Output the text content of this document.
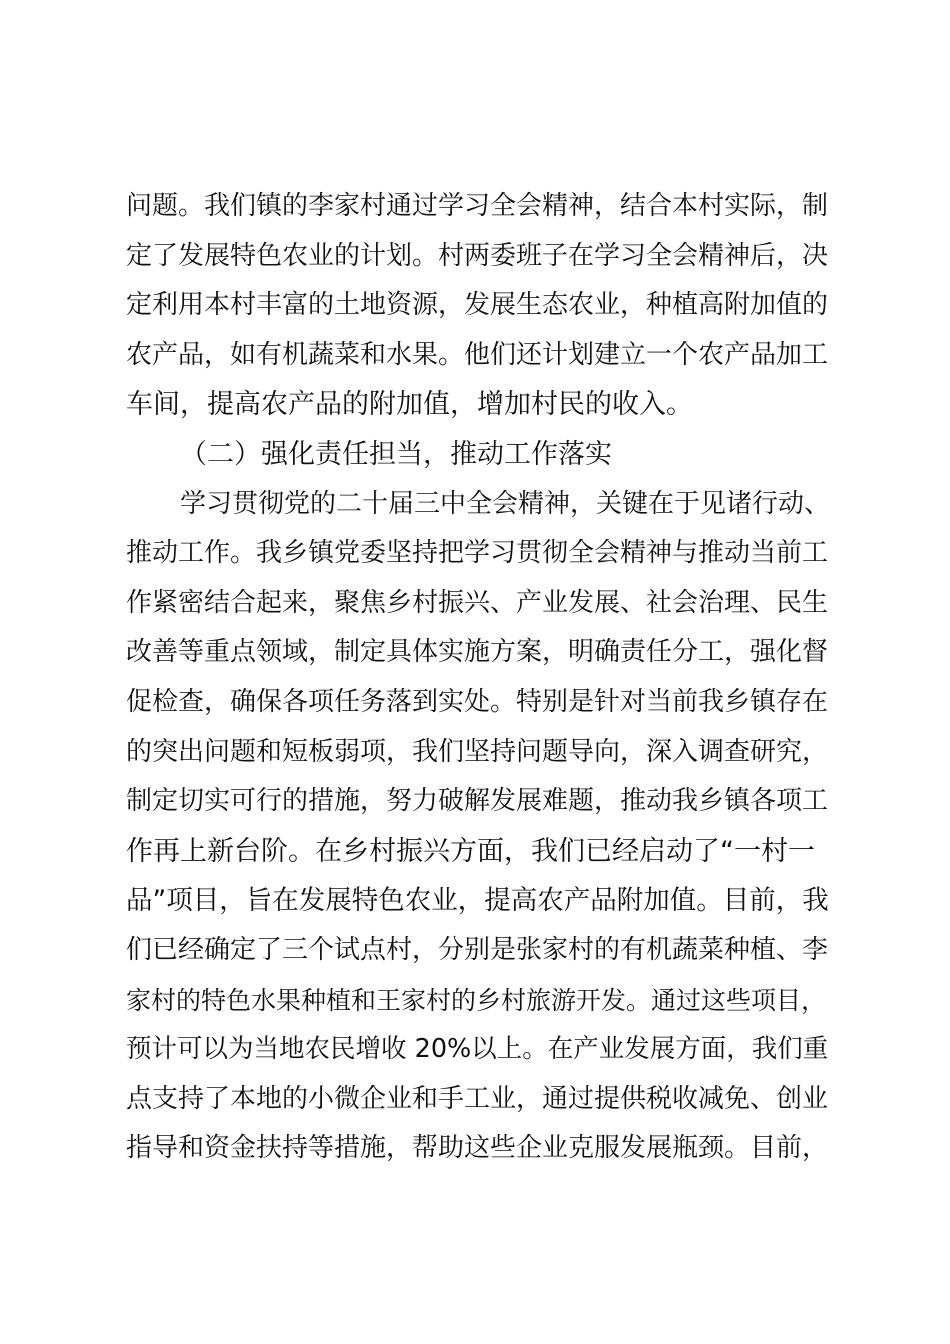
问题。我们镇的李家村通过学习全会精神，结合本村实际，制
定了发展特色农业的计划。村两委班子在学习全会精神后，决
定利用本村丰富的土地资源，发展生态农业，种植高附加值的
农产品，如有机蔬菜和水果。他们还计划建立一个农产品加工
车间，提高农产品的附加值，增加村民的收入。
（二）强化责任担当，推动工作落实
学习贯彻党的二十届三中全会精神，关键在于见诸行动、
推动工作。我乡镇党委坚持把学习贯彻全会精神与推动当前工
作紧密结合起来，聚焦乡村振兴、产业发展、社会治理、民生
改善等重点领域，制定具体实施方案，明确责任分工，强化督
促检查，确保各项任务落到实处。特别是针对当前我乡镇存在
的突出问题和短板弱项，我们坚持问题导向，深入调查研究，
制定切实可行的措施，努力破解发展难题，推动我乡镇各项工
作再上新台阶。在乡村振兴方面，我们已经启动了“一村一
品”项目，旨在发展特色农业，提高农产品附加值。目前，我
们已经确定了三个试点村，分别是张家村的有机蔬菜种植、李
家村的特色水果种植和王家村的乡村旅游开发。通过这些项目，
预计可以为当地农民增收 20%以上。在产业发展方面，我们重
点支持了本地的小微企业和手工业，通过提供税收减免、创业
指导和资金扶持等措施，帮助这些企业克服发展瓶颈。目前，
